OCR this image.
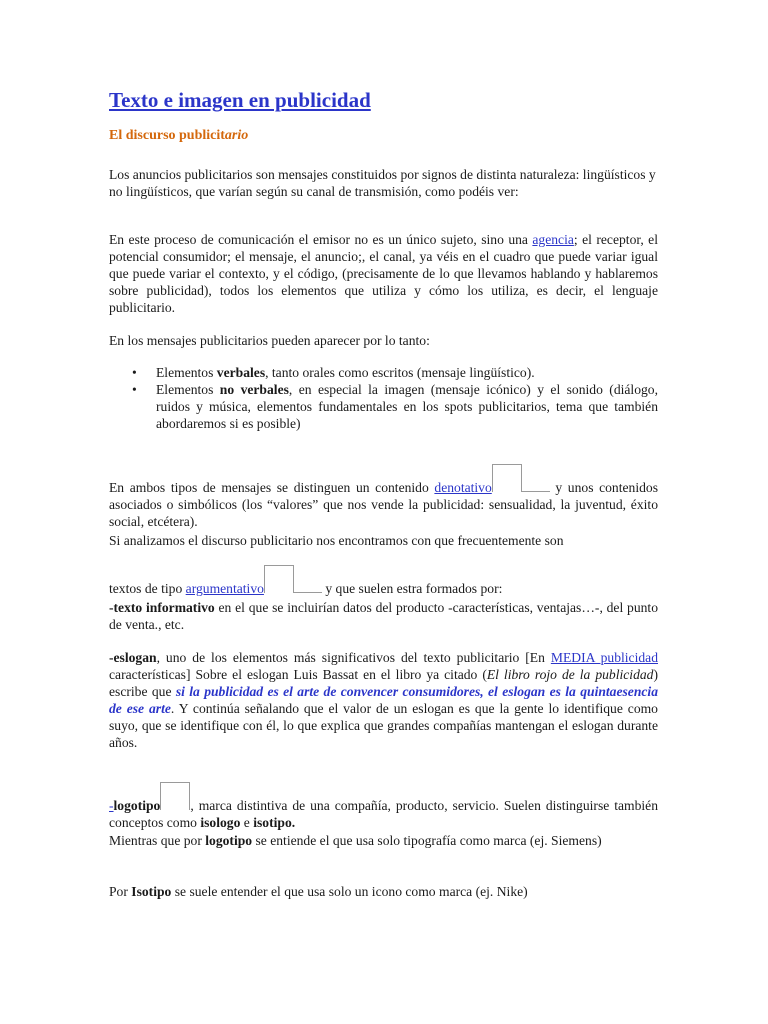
Texto e imagen en publicidad
El discurso publicitario

Los anuncios publicitarios son mensajes constituidos por signos de distinta naturaleza: lingüísticos y no lingüísticos, que varían según su canal de transmisión, como podéis ver:

En este proceso de comunicación el emisor no es un único sujeto, sino una agencia; el receptor, el potencial consumidor; el mensaje, el anuncio;, el canal, ya véis en el cuadro que puede variar igual que puede variar el contexto, y el código, (precisamente de lo que llevamos hablando y hablaremos sobre publicidad), todos los elementos que utiliza y cómo los utiliza, es decir, el lenguaje publicitario.

En los mensajes publicitarios pueden aparecer por lo tanto:

• Elementos verbales, tanto orales como escritos (mensaje lingüístico).
• Elementos no verbales, en especial la imagen (mensaje icónico) y el sonido (diálogo, ruidos y música, elementos fundamentales en los spots publicitarios, tema que también abordaremos si es posible)

En ambos tipos de mensajes se distinguen un contenido denotativo	y unos contenidos asociados o simbólicos (los “valores” que nos vende la publicidad: sensualidad, la juventud, éxito social, etcétera).

Si analizamos el discurso publicitario nos encontramos con que frecuentemente son

textos de tipo argumentativo	y que suelen estra formados por:

-texto informativo en el que se incluirían datos del producto -características, ventajas…-, del punto de venta., etc.

-eslogan, uno de los elementos más significativos del texto publicitario [En MEDIA publicidad características] Sobre el eslogan Luis Bassat en el libro ya citado (El libro rojo de la publicidad) escribe que si la publicidad es el arte de convencer consumidores, el eslogan es la quintaesencia de ese arte. Y continúa señalando que el valor de un eslogan es que la gente lo identifique como suyo, que se identifique con él, lo que explica que grandes compañías mantengan el eslogan durante años.

-logotipo , marca distintiva de una compañía, producto, servicio. Suelen distinguirse también conceptos como isologo e isotipo.

Mientras que por logotipo se entiende el que usa solo tipografía como marca (ej. Siemens)

Por Isotipo se suele entender el que usa solo un icono como marca (ej. Nike)
